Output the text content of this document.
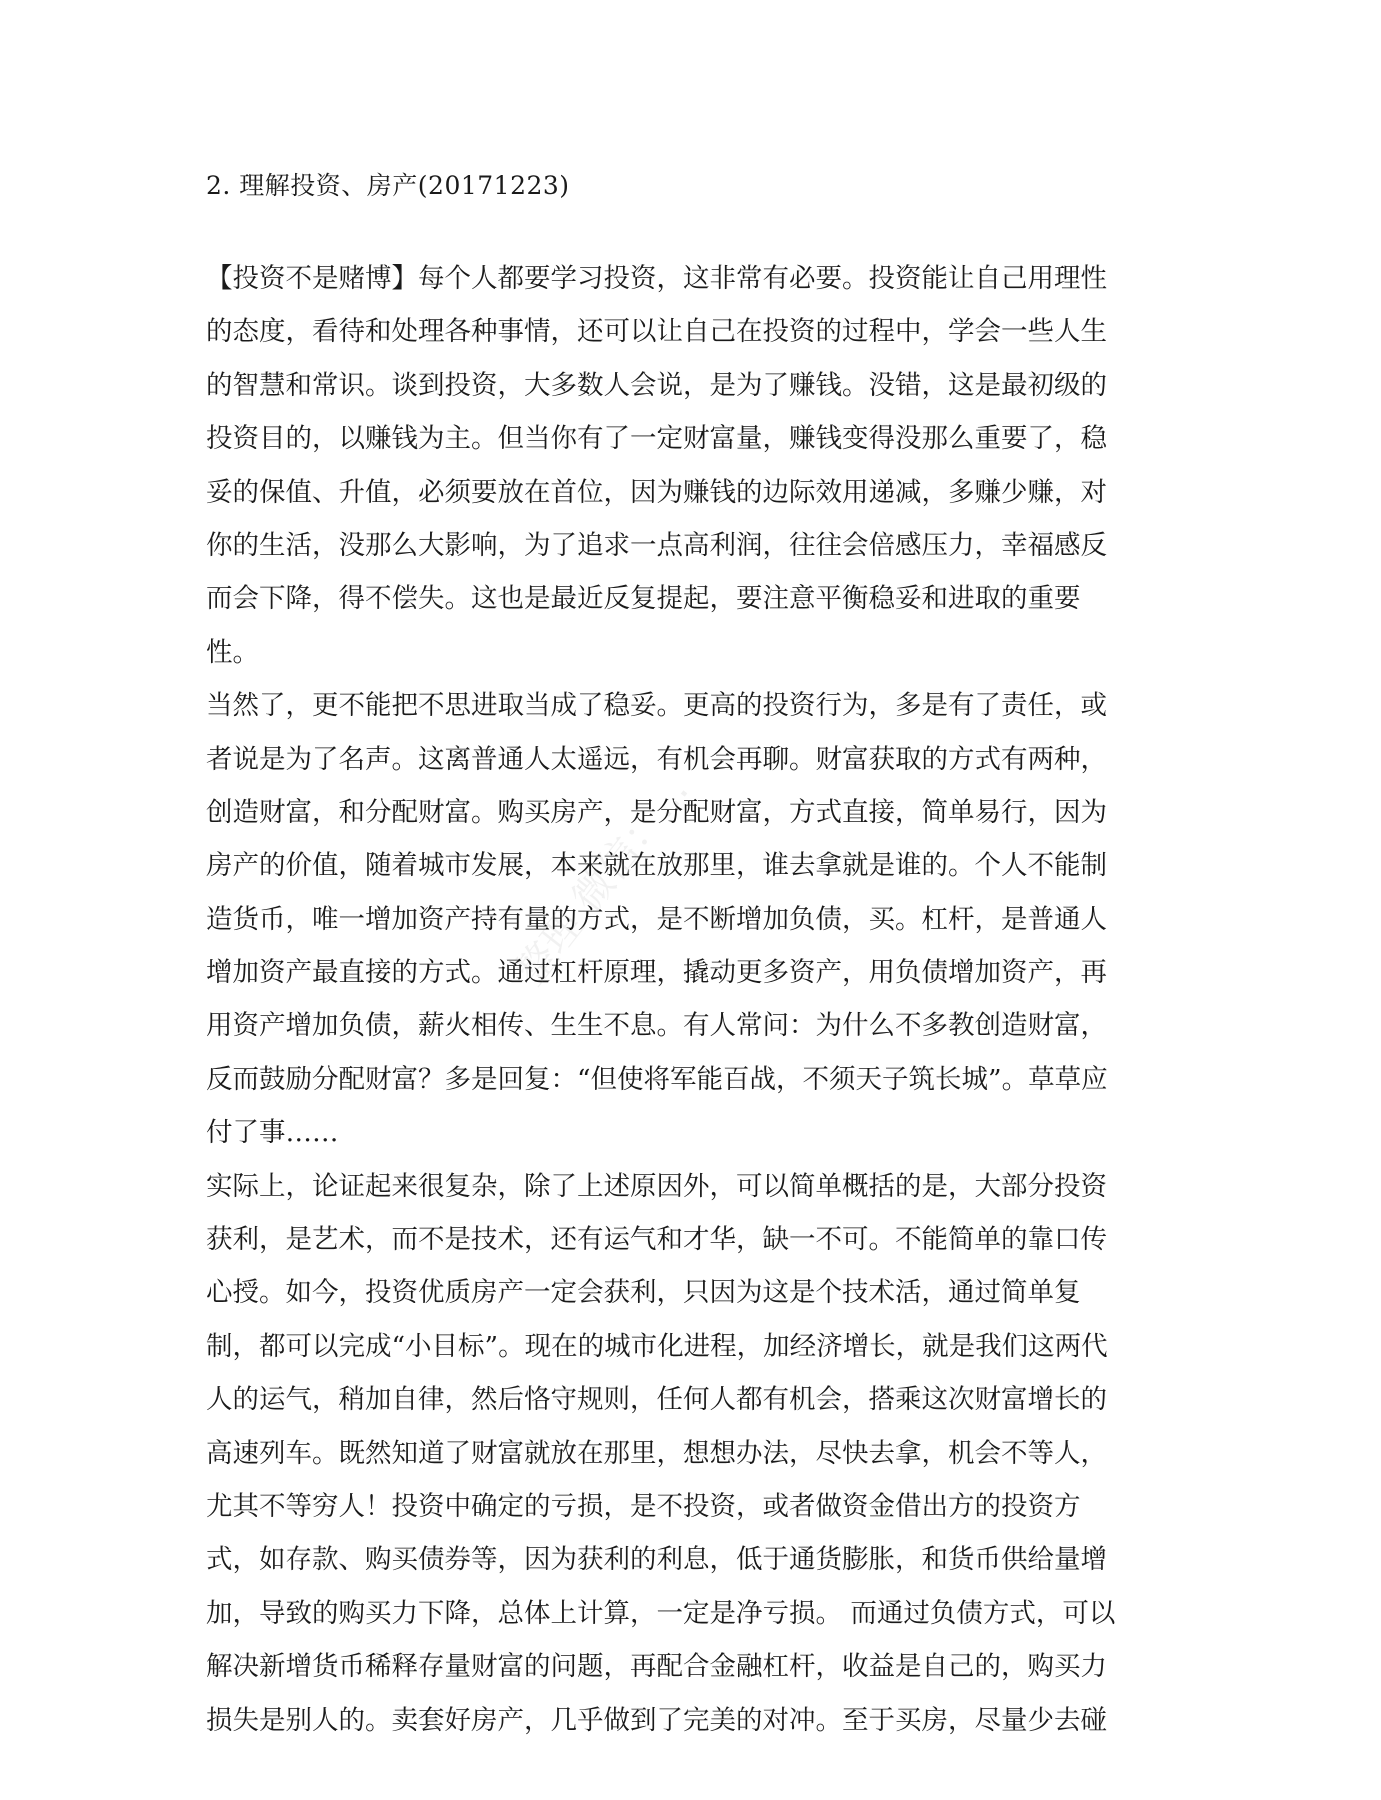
2. 理解投资、房产(20171223)
【投资不是赌博】每个人都要学习投资，这非常有必要。投资能让自己用理性
的态度，看待和处理各种事情，还可以让自己在投资的过程中，学会一些人生
的智慧和常识。谈到投资，大多数人会说，是为了赚钱。没错，这是最初级的
投资目的，以赚钱为主。但当你有了一定财富量，赚钱变得没那么重要了，稳
妥的保值、升值，必须要放在首位，因为赚钱的边际效用递减，多赚少赚，对
你的生活，没那么大影响，为了追求一点高利润，往往会倍感压力，幸福感反
而会下降，得不偿失。这也是最近反复提起，要注意平衡稳妥和进取的重要
性。
当然了，更不能把不思进取当成了稳妥。更高的投资行为，多是有了责任，或
者说是为了名声。这离普通人太遥远，有机会再聊。财富获取的方式有两种，
创造财富，和分配财富。购买房产，是分配财富，方式直接，简单易行，因为
房产的价值，随着城市发展，本来就在放那里，谁去拿就是谁的。个人不能制
造货币，唯一增加资产持有量的方式，是不断增加负债，买。杠杆，是普通人
增加资产最直接的方式。通过杠杆原理，撬动更多资产，用负债增加资产，再
用资产增加负债，薪火相传、生生不息。有人常问：为什么不多教创造财富，
反而鼓励分配财富？多是回复：“但使将军能百战，不须天子筑长城”。草草应
付了事……
实际上，论证起来很复杂，除了上述原因外，可以简单概括的是，大部分投资
获利，是艺术，而不是技术，还有运气和才华，缺一不可。不能简单的靠口传
心授。如今，投资优质房产一定会获利，只因为这是个技术活，通过简单复
制，都可以完成“小目标”。现在的城市化进程，加经济增长，就是我们这两代
人的运气，稍加自律，然后恪守规则，任何人都有机会，搭乘这次财富增长的
高速列车。既然知道了财富就放在那里，想想办法，尽快去拿，机会不等人，
尤其不等穷人！投资中确定的亏损，是不投资，或者做资金借出方的投资方
式，如存款、购买债券等，因为获利的利息，低于通货膨胀，和货币供给量增
加，导致的购买力下降，总体上计算，一定是净亏损。 而通过负债方式，可以
解决新增货币稀释存量财富的问题，再配合金融杠杆，收益是自己的，购买力
损失是别人的。卖套好房产，几乎做到了完美的对冲。至于买房，尽量少去碰
整理 微信：...
